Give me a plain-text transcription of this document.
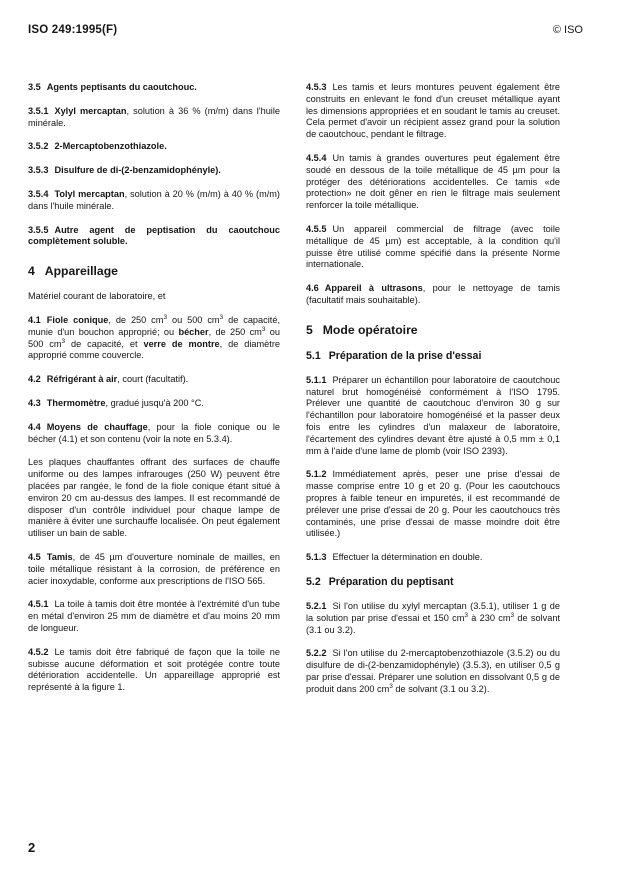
ISO 249:1995(F)	© ISO

3.5 Agents peptisants du caoutchouc.

3.5.1 Xylyl mercaptan, solution à 36 % (m/m) dans l'huile minérale.

3.5.2 2-Mercaptobenzothiazole.

3.5.3 Disulfure de di-(2-benzamidophényle).

3.5.4 Tolyl mercaptan, solution à 20 % (m/m) à 40 % (m/m) dans l'huile minérale.

3.5.5 Autre agent de peptisation du caoutchouc complètement soluble.

4 Appareillage

Matériel courant de laboratoire, et

4.1 Fiole conique, de 250 $cm^3$ ou 500 $cm^3$ de capacité, munie d'un bouchon approprié; ou bécher, de 250 $cm^3$ ou 500 $cm^3$ de capacité, et verre de montre, de diamètre approprié comme couvercle.

4.2 Réfrigérant à air, court (facultatif).

4.3 Thermomètre, gradué jusqu'à 200 °C.

4.4 Moyens de chauffage, pour la fiole conique ou le bécher (4.1) et son contenu (voir la note en 5.3.4).

Les plaques chauffantes offrant des surfaces de chauffe uniforme ou des lampes infrarouges (250 W) peuvent être placées par rangée, le fond de la fiole conique étant situé à environ 20 cm au-dessus des lampes. Il est recommandé de disposer d'un contrôle individuel pour chaque lampe de manière à éviter une surchauffe localisée. On peut également utiliser un bain de sable.

4.5 Tamis, de 45 µm d'ouverture nominale de mailles, en toile métallique résistant à la corrosion, de préférence en acier inoxydable, conforme aux prescriptions de l'ISO 565.

4.5.1 La toile à tamis doit être montée à l'extrémité d'un tube en métal d'environ 25 mm de diamètre et d'au moins 20 mm de longueur.

4.5.2 Le tamis doit être fabriqué de façon que la toile ne subisse aucune déformation et soit protégée contre toute détérioration accidentelle. Un appareillage approprié est représenté à la figure 1.

4.5.3 Les tamis et leurs montures peuvent également être construits en enlevant le fond d'un creuset métallique ayant les dimensions appropriées et en soudant le tamis au creuset. Cela permet d'avoir un récipient assez grand pour la solution de caoutchouc, pendant le filtrage.

4.5.4 Un tamis à grandes ouvertures peut également être soudé en dessous de la toile métallique de 45 µm pour la protéger des détériorations accidentelles. Ce tamis «de protection» ne doit gêner en rien le filtrage mais seulement renforcer la toile métallique.

4.5.5 Un appareil commercial de filtrage (avec toile métallique de 45 µm) est acceptable, à la condition qu'il puisse être utilisé comme spécifié dans la présente Norme internationale.

4.6 Appareil à ultrasons, pour le nettoyage de tamis (facultatif mais souhaitable).

5 Mode opératoire
5.1 Préparation de la prise d'essai

5.1.1 Préparer un échantillon pour laboratoire de caoutchouc naturel brut homogénéisé conformément à l'ISO 1795. Prélever une quantité de caoutchouc d'environ 30 g sur l'échantillon pour laboratoire homogénéisé et la passer deux fois entre les cylindres d'un malaxeur de laboratoire, l'écartement des cylindres devant être ajusté à 0,5 mm ± 0,1 mm à l'aide d'une lame de plomb (voir ISO 2393).

5.1.2 Immédiatement après, peser une prise d'essai de masse comprise entre 10 g et 20 g. (Pour les caoutchoucs propres à faible teneur en impuretés, il est recommandé de prélever une prise d'essai de 20 g. Pour les caoutchoucs très contaminés, une prise d'essai de masse moindre doit être utilisée.)

5.1.3 Effectuer la détermination en double.

5.2 Préparation du peptisant

5.2.1 Si l'on utilise du xylyl mercaptan (3.5.1), utiliser 1 g de la solution par prise d'essai et 150 $cm^3$ à 230 $cm^3$ de solvant (3.1 ou 3.2).

5.2.2 Si l'on utilise du 2-mercaptobenzothiazole (3.5.2) ou du disulfure de di-(2-benzamidophényle) (3.5.3), en utiliser 0,5 g par prise d'essai. Préparer une solution en dissolvant 0,5 g de produit dans 200 $cm^3$ de solvant (3.1 ou 3.2).

2
